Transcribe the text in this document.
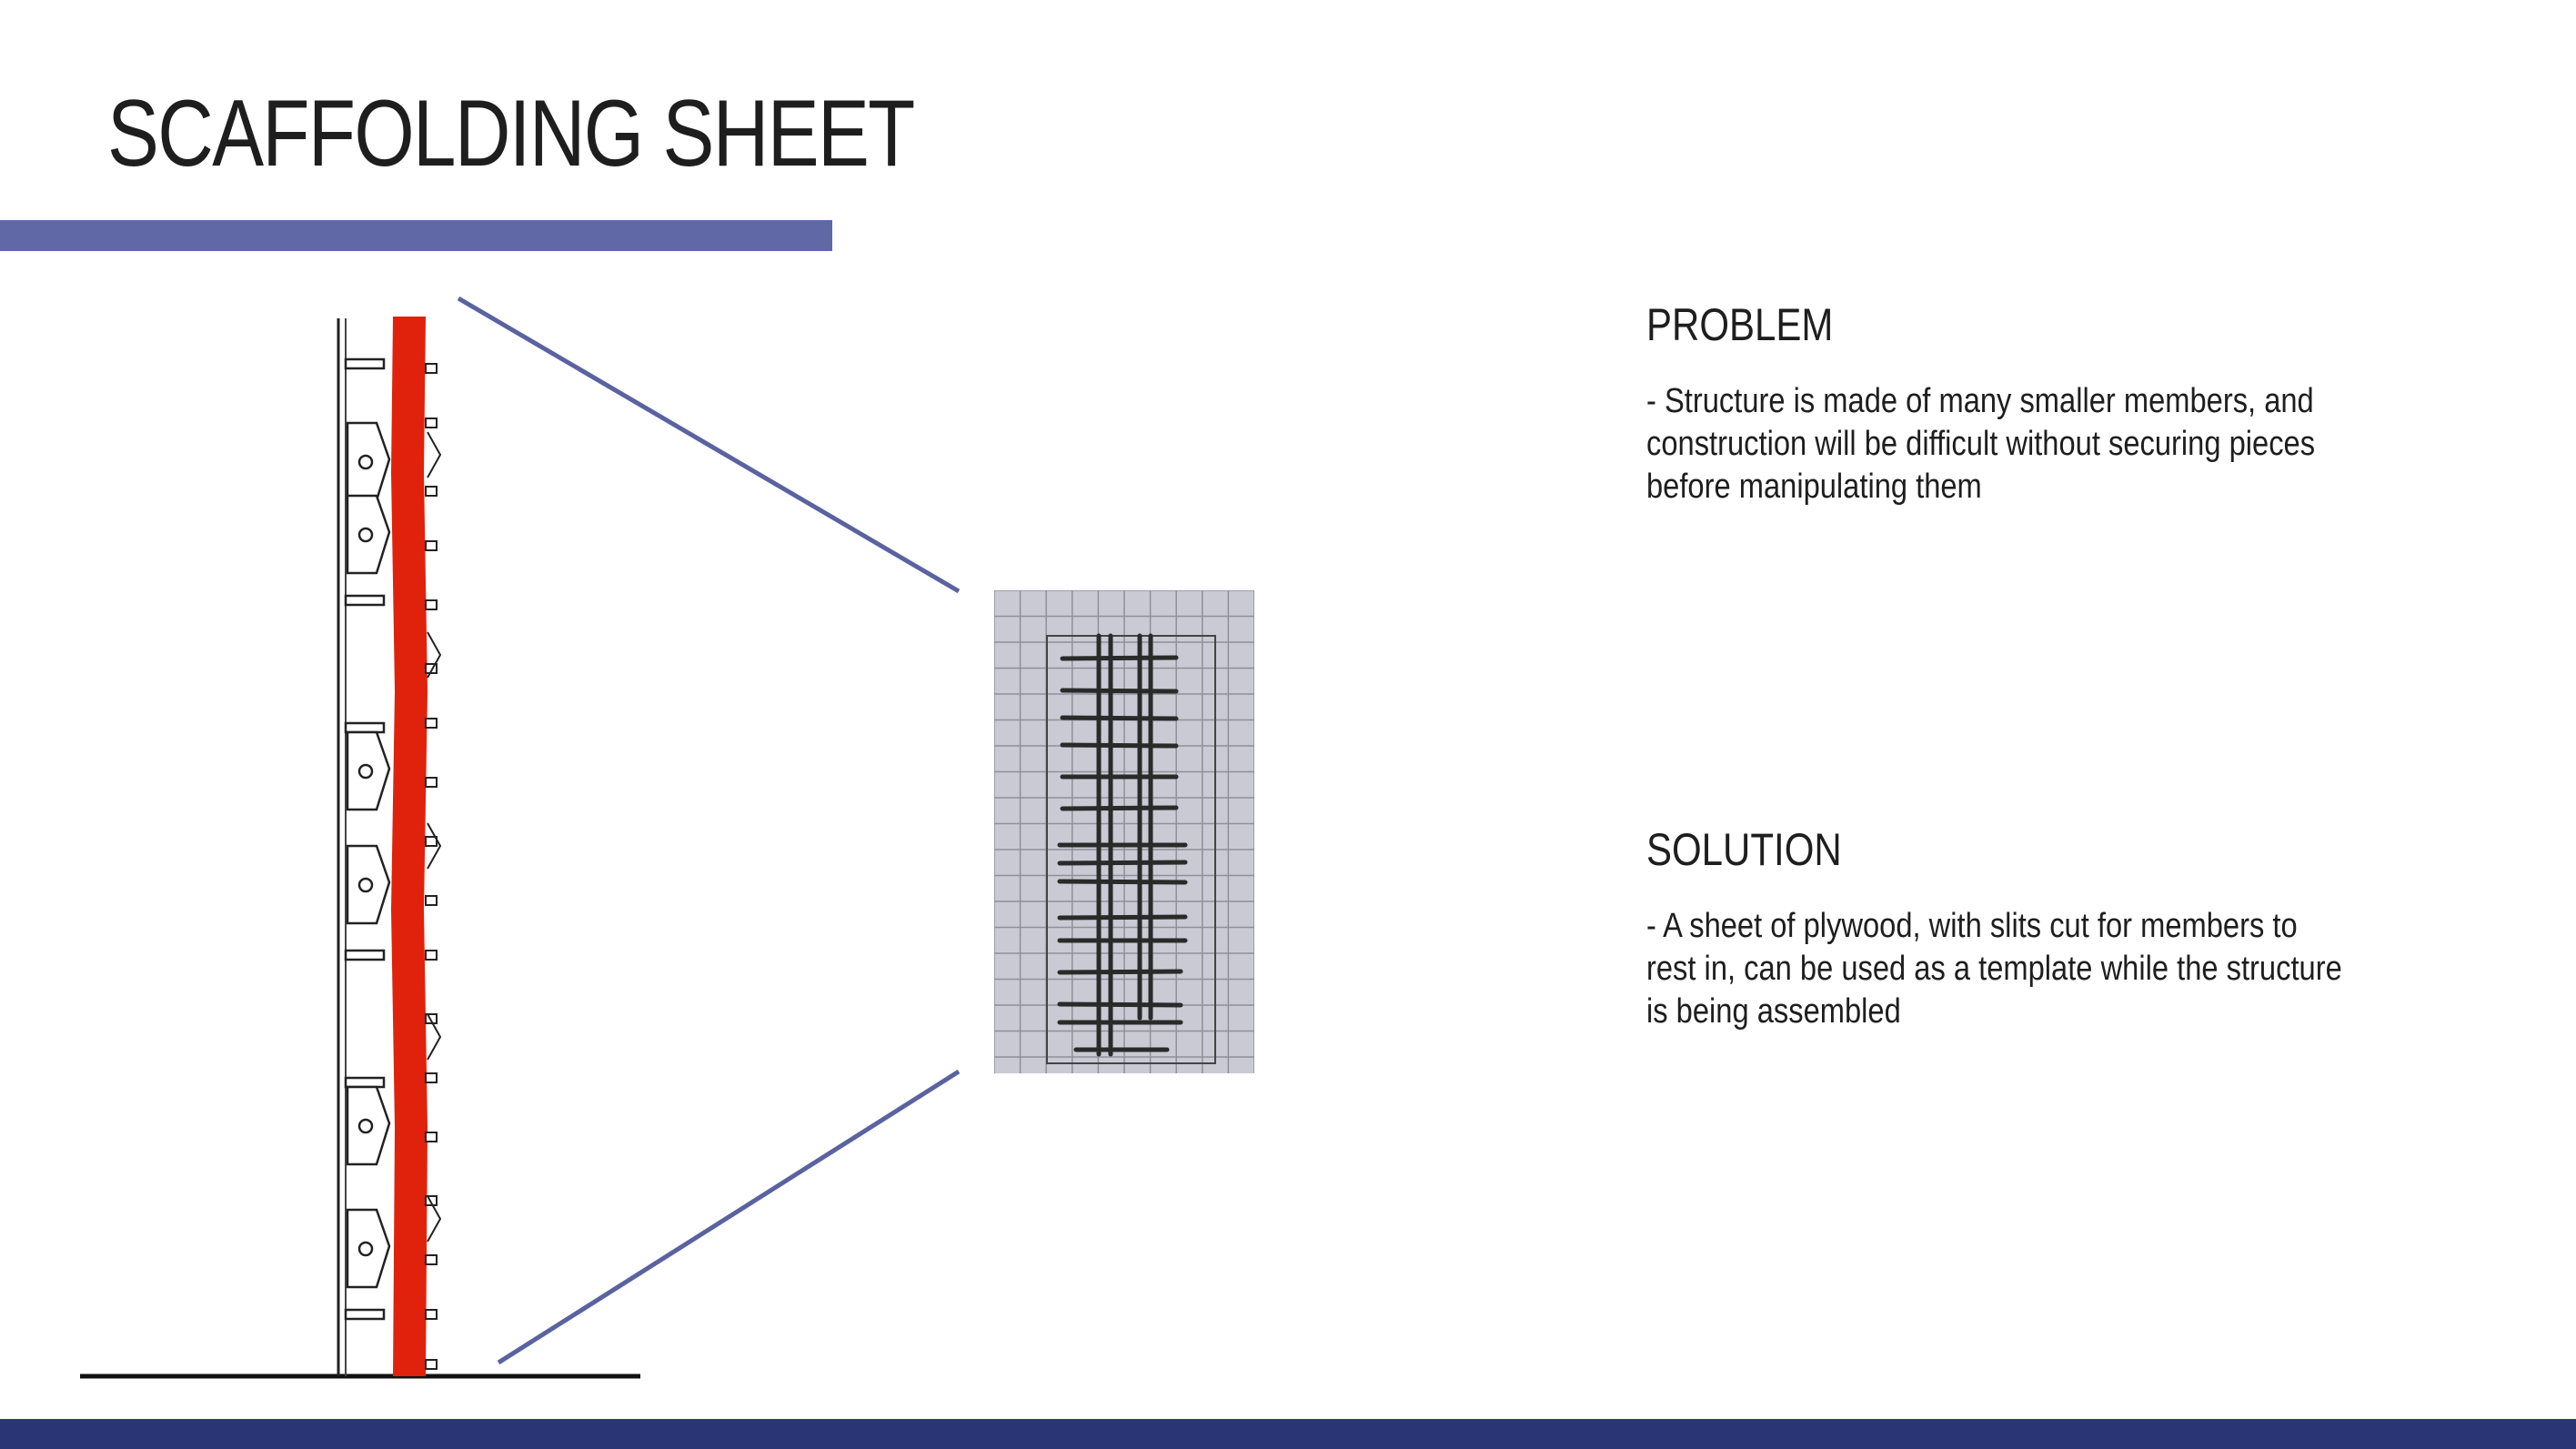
SCAFFOLDING SHEET
PROBLEM

- Structure is made of many smaller members, and construction will be difficult without securing pieces before manipulating them

SOLUTION

- A sheet of plywood, with slits cut for members to rest in, can be used as a template while the structure is being assembled
